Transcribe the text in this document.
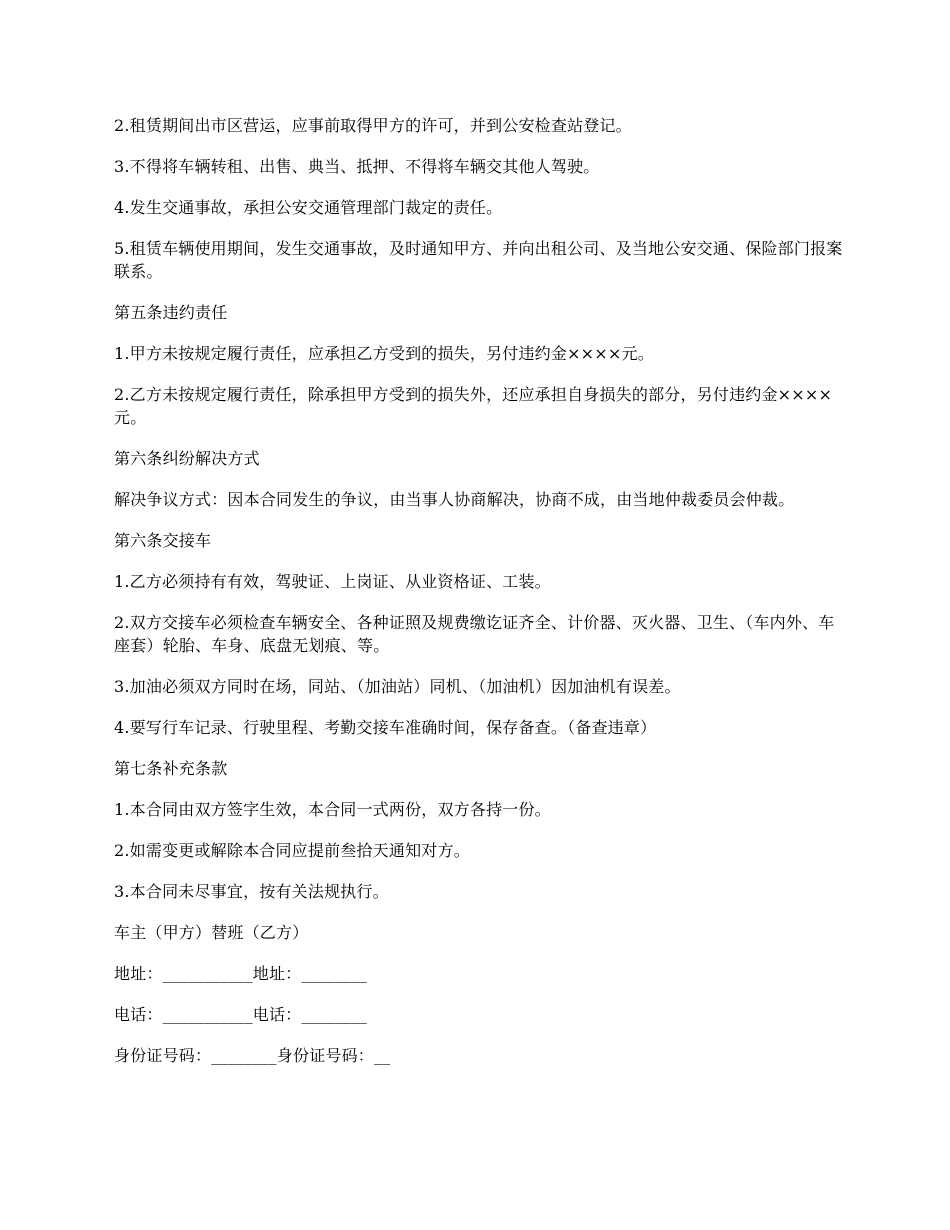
2.租赁期间出市区营运，应事前取得甲方的许可，并到公安检查站登记。

3.不得将车辆转租、出售、典当、抵押、不得将车辆交其他人驾驶。

4.发生交通事故，承担公安交通管理部门裁定的责任。

5.租赁车辆使用期间，发生交通事故，及时通知甲方、并向出租公司、及当地公安交通、保险部门报案联系。

第五条违约责任

1.甲方未按规定履行责任，应承担乙方受到的损失，另付违约金××××元。

2.乙方未按规定履行责任，除承担甲方受到的损失外，还应承担自身损失的部分，另付违约金××××元。

第六条纠纷解决方式

解决争议方式：因本合同发生的争议，由当事人协商解决，协商不成，由当地仲裁委员会仲裁。

第六条交接车

1.乙方必须持有有效，驾驶证、上岗证、从业资格证、工装。

2.双方交接车必须检查车辆安全、各种证照及规费缴讫证齐全、计价器、灭火器、卫生、（车内外、车座套）轮胎、车身、底盘无划痕、等。

3.加油必须双方同时在场，同站、（加油站）同机、（加油机）因加油机有误差。

4.要写行车记录、行驶里程、考勤交接车准确时间，保存备查。（备查违章）

第七条补充条款

1.本合同由双方签字生效，本合同一式两份，双方各持一份。

2.如需变更或解除本合同应提前叁拾天通知对方。

3.本合同未尽事宜，按有关法规执行。

车主（甲方）替班（乙方）

地址：___________地址：________

电话：___________电话：________

身份证号码：________身份证号码：__
